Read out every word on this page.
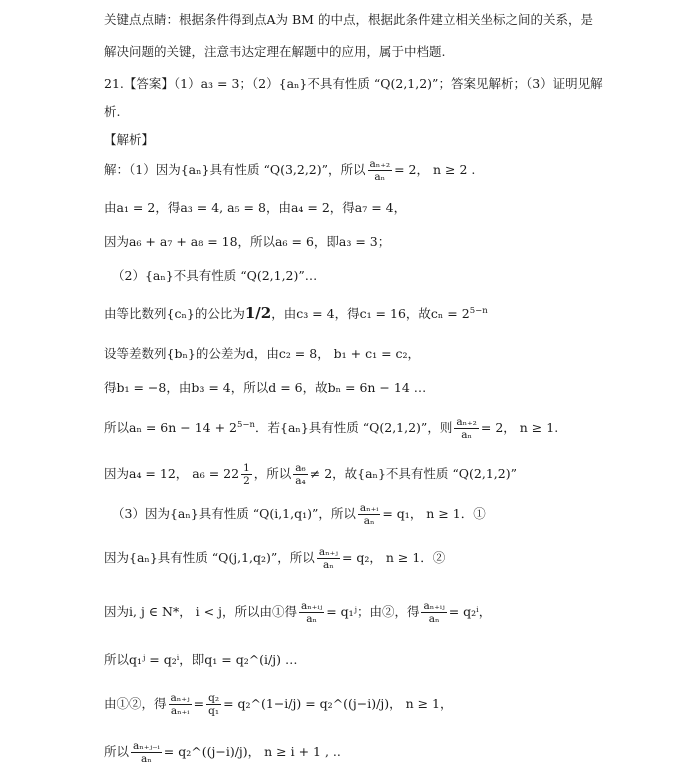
关键点点睛：根据条件得到点A为 BM 的中点，根据此条件建立相关坐标之间的关系，是
解决问题的关键，注意韦达定理在解题中的应用，属于中档题.
21.【答案】（1）a₃ = 3；（2）{aₙ}不具有性质 “Q(2,1,2)”；答案见解析；（3）证明见解
析.
【解析】
解：（1）因为{aₙ}具有性质 “Q(3,2,2)”，所以 $\frac{\text{aₙ₊₂}}{\text{aₙ}} = 2$， n ≥ 2 .
由a₁ = 2，得a₃ = 4, a₅ = 8，由a₄ = 2，得a₇ = 4，
因为a₆ + a₇ + a₈ = 18，所以a₆ = 6，即a₃ = 3；
（2）{aₙ}不具有性质 “Q(2,1,2)”…
由等比数列{cₙ}的公比为1/2，由c₃ = 4，得c₁ = 16，故$c_n = 2^{5-n}$
设等差数列{bₙ}的公差为d，由c₂ = 8， b₁ + c₁ = c₂，
得b₁ = −8，由b₃ = 4，所以d = 6，故bₙ = 6n − 14 …
所以$a_n = 6n - 14 + 2^{5-n}$．若{aₙ}具有性质 “Q(2,1,2)”，则 $\frac{\text{aₙ₊₂}}{\text{aₙ}} = 2$， n ≥ 1.
因为a₄ = 12， $a_6 = 22 \frac{1}{2}$ ，所以 $\frac{\text{a₆}}{\text{a₄}} \ne 2$，故{aₙ}不具有性质 “Q(2,1,2)”
（3）因为{aₙ}具有性质 “Q(i,1,q₁)”，所以 $\frac{\text{aₙ₊ᵢ}}{\text{aₙ}} = q_1$， n ≥ 1．①
因为{aₙ}具有性质 “Q(j,1,q₂)”，所以 $\frac{\text{aₙ₊ⱼ}}{\text{aₙ}} = q_2$， n ≥ 1．②
因为i, j ∈ N*， i < j，所以由①得 $\frac{\text{aₙ₊ᵢⱼ}}{\text{aₙ}}$ = q₁ʲ；由②，得 $\frac{\text{aₙ₊ᵢⱼ}}{\text{aₙ}} = q_2^i$，
所以q₁ʲ = q₂ⁱ，即q₁ = q₂^(i/j) …
由①②，得 $\frac{\text{aₙ₊ⱼ}}{\text{aₙ₊ᵢ}} = \frac{\text{q₂}}{\text{q₁}}$ = q₂^(1−i/j) = q₂^((j−i)/j)， n ≥ 1，
所以 $\frac{\text{aₙ₊ⱼ₋ᵢ}}{\text{aₙ}}$ = q₂^((j−i)/j)， n ≥ i + 1 , ..
